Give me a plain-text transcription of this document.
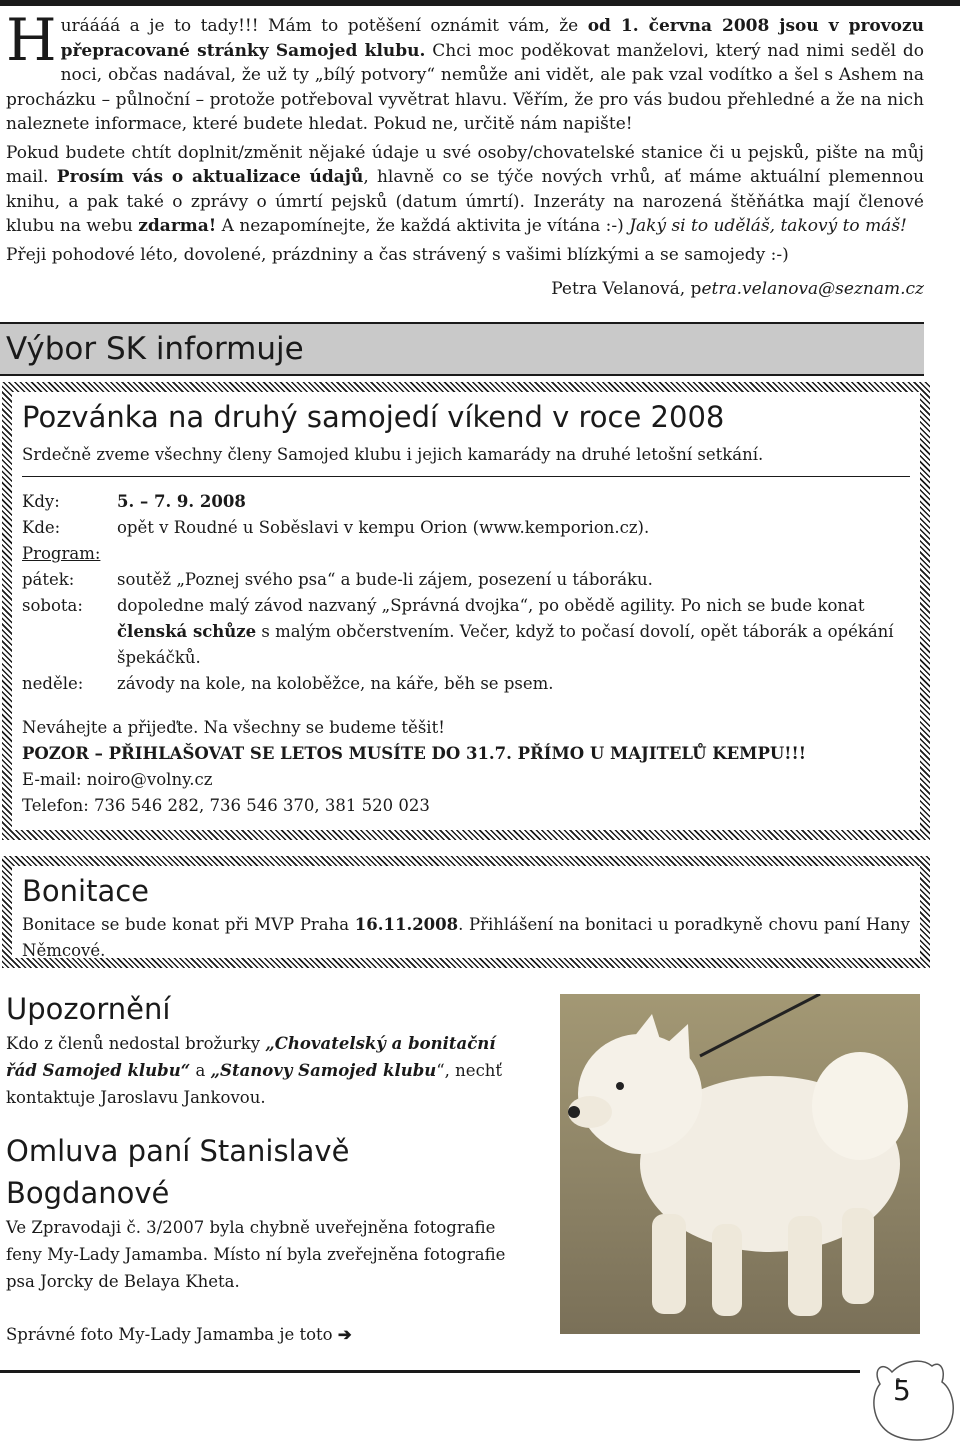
Huráááá a je to tady!!! Mám to potěšení oznámit vám, že od 1. června 2008 jsou v provozu přepracované stránky Samojed klubu. Chci moc poděkovat manželovi, který nad nimi seděl do noci, občas nadával, že už ty „bílý potvory“ nemůže ani vidět, ale pak vzal vodítko a šel s Ashem na procházku – půlnoční – protože potřeboval vyvětrat hlavu. Věřím, že pro vás budou přehledné a že na nich naleznete informace, které budete hledat. Pokud ne, určitě nám napište!

Pokud budete chtít doplnit/změnit nějaké údaje u své osoby/chovatelské stanice či u pejsků, pište na můj mail. Prosím vás o aktualizace údajů, hlavně co se týče nových vrhů, ať máme aktuální plemennou knihu, a pak také o zprávy o úmrtí pejsků (datum úmrtí). Inzeráty na narozená štěňátka mají členové klubu na webu zdarma! A nezapomínejte, že každá aktivita je vítána :-) Jaký si to uděláš, takový to máš!

Přeji pohodové léto, dovolené, prázdniny a čas strávený s vašimi blízkými a se samojedy :-)

Petra Velanová, petra.velanova@seznam.cz

Výbor SK informuje
Pozvánka na druhý samojedí víkend v roce 2008
Srdečně zveme všechny členy Samojed klubu i jejich kamarády na druhé letošní setkání.
Kdy:	5. – 7. 9. 2008
Kde:	opět v Roudné u Soběslavi v kempu Orion (www.kemporion.cz).
Program:
pátek:	soutěž „Poznej svého psa“ a bude-li zájem, posezení u táboráku.
sobota:	dopoledne malý závod nazvaný „Správná dvojka“, po obědě agility. Po nich se bude konat členská schůze s malým občerstvením. Večer, když to počasí dovolí, opět táborák a opékání špekáčků.
neděle:	závody na kole, na koloběžce, na káře, běh se psem.
Neváhejte a přijeďte. Na všechny se budeme těšit!
POZOR – PŘIHLAŠOVAT SE LETOS MUSÍTE DO 31.7. PŘÍMO U MAJITELŮ KEMPU!!!
E-mail: noiro@volny.cz
Telefon: 736 546 282, 736 546 370, 381 520 023
Bonitace
Bonitace se bude konat při MVP Praha 16.11.2008. Přihlášení na bonitaci u poradkyně chovu paní Hany Němcové.
Upozornění

Kdo z členů nedostal brožurky „Chovatelský a bonitační řád Samojed klubu“ a „Stanovy Samojed klubu“, nechť kontaktuje Jaroslavu Jankovou.

Omluva paní Stanislavě
Bogdanové

Ve Zpravodaji č. 3/2007 byla chybně uveřejněna fotografie feny My-Lady Jamamba. Místo ní byla zveřejněna fotografie psa Jorcky de Belaya Kheta.

Správné foto My-Lady Jamamba je toto ➔

5
